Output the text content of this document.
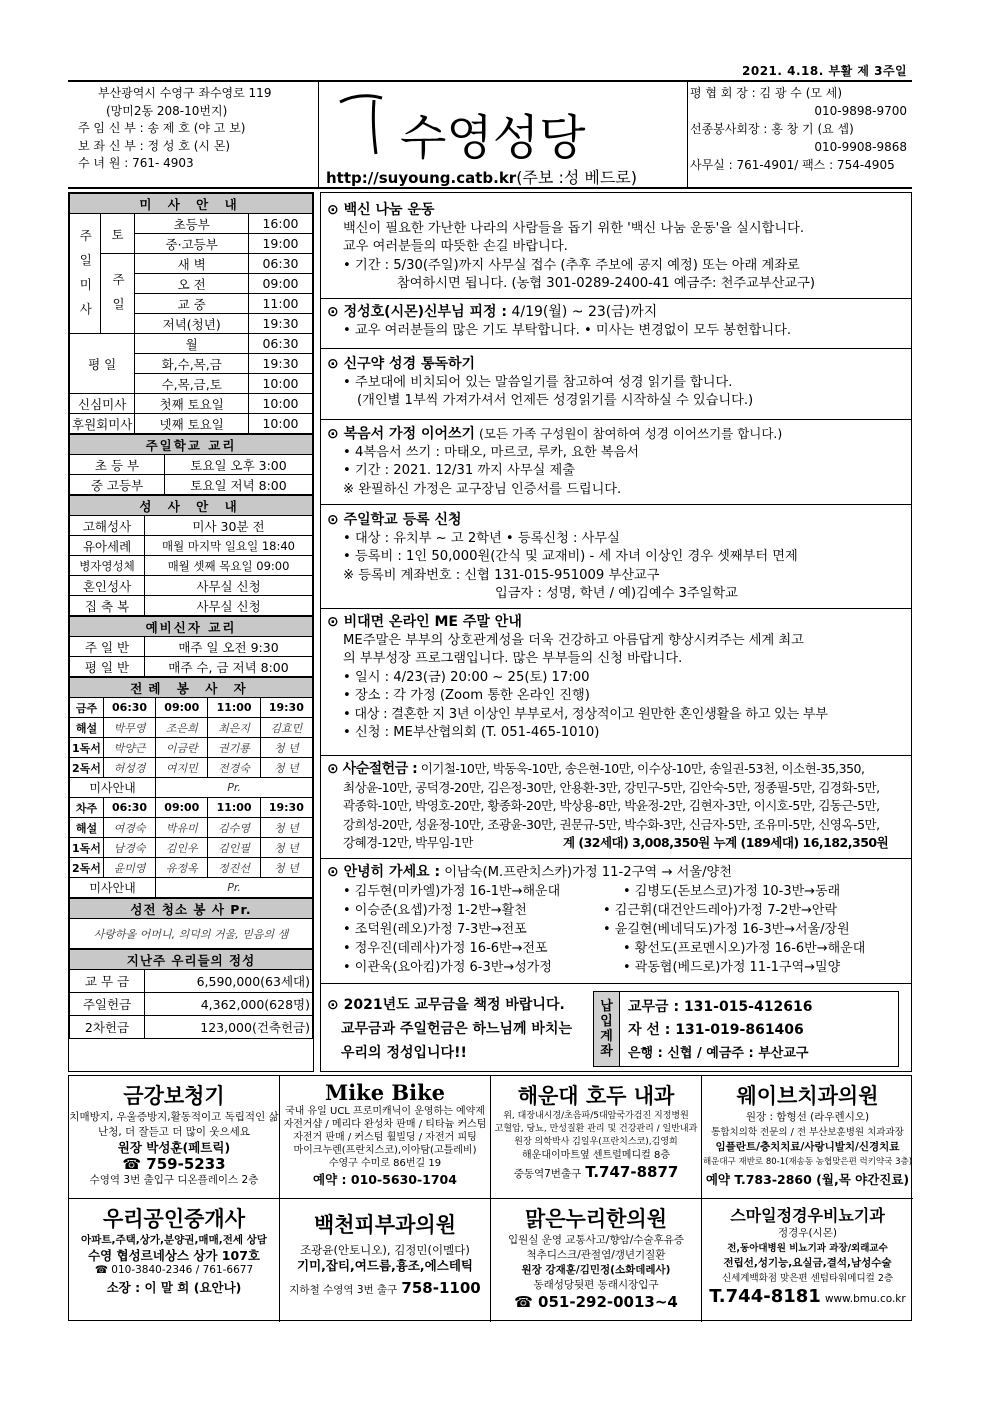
2021. 4.18. 부활 제 3주일
부산광역시 수영구 좌수영로 119
(망미2동 208-10번지)
주 임 신 부 : 송 제 호 (야 고 보)
보 좌 신 부 : 정 성 호 (시 몬)
수 녀 원 : 761- 4903	수영성당
http://suyoung.catb.kr(주보 :성 베드로)
평 협 회 장 : 김 광 수 (모 세)
010-9898-9700
선종봉사회장 : 홍 창 기 (요 셉)
010-9908-9868
사무실 : 761-4901/ 팩스 : 754-4905
미 사 안 내			
주 일 미 사	토	초등부	16:00
		중·고등부	19:00
	주 일	새 벽	06:30
		오 전	09:00
		교 중	11:00
		저녁(청년)	19:30
평 일		월	06:30
		화,수,목,금	19:30
		수,목,금,토	10:00
신심미사		첫째 토요일	10:00
후원회미사		넷째 토요일	10:00
주일학교 교리	
초 등 부	토요일 오후 3:00
중 고등부	토요일 저녁 8:00
성 사 안 내	
고해성사	미사 30분 전
유아세례	매월 마지막 일요일 18:40
병자영성체	매월 셋째 목요일 09:00
혼인성사	사무실 신청
집 축 복	사무실 신청
예비신자 교리	
주 일 반	매주 일 오전 9:30
평 일 반	매주 수, 금 저녁 8:00
전례 봉 사 자				
금주	06:30	09:00	11:00	19:30
해설	박무영	조은희	최은지	김효민
1독서	박양근	이금란	권기룡	청 년
2독서	허성경	여지민	전경숙	청 년
미사안내		Pr.		
차주	06:30	09:00	11:00	19:30
해설	여경숙	박유미	김수영	청 년
1독서	남경숙	김인우	김인필	청 년
2독서	윤미영	유정옥	정진선	청 년
미사안내		Pr.		
성전 청소 봉 사 Pr.
사랑하올 어머니, 의덕의 거울, 믿음의 샘
지난주 우리들의 정성	
교 무 금	6,590,000(63세대)
주일헌금	4,362,000(628명)
2차헌금	123,000(건축헌금)

⊙ 백신 나눔 운동

백신이 필요한 가난한 나라의 사람들을 돕기 위한 '백신 나눔 운동'을 실시합니다.

교우 여러분들의 따뜻한 손길 바랍니다.

• 기간 : 5/30(주일)까지 사무실 접수 (추후 주보에 공지 예정) 또는 아래 계좌로

참여하시면 됩니다. (농협 301-0289-2400-41 예금주: 천주교부산교구)

⊙ 정성호(시몬)신부님 피정 : 4/19(월) ~ 23(금)까지

• 교우 여러분들의 많은 기도 부탁합니다. • 미사는 변경없이 모두 봉헌합니다.

⊙ 신구약 성경 통독하기

• 주보대에 비치되어 있는 말씀일기를 참고하여 성경 읽기를 합니다.

(개인별 1부씩 가져가셔서 언제든 성경읽기를 시작하실 수 있습니다.)

⊙ 복음서 가정 이어쓰기 (모든 가족 구성원이 참여하여 성경 이어쓰기를 합니다.)

• 4복음서 쓰기 : 마태오, 마르코, 루카, 요한 복음서

• 기간 : 2021. 12/31 까지 사무실 제출

※ 완필하신 가정은 교구장님 인증서를 드립니다.

⊙ 주일학교 등록 신청

• 대상 : 유치부 ~ 고 2학년 • 등록신청 : 사무실

• 등록비 : 1인 50,000원(간식 및 교재비) - 세 자녀 이상인 경우 셋째부터 면제

※ 등록비 계좌번호 : 신협 131-015-951009 부산교구

입금자 : 성명, 학년 / 예)김예수 3주일학교

⊙ 비대면 온라인 ME 주말 안내

ME주말은 부부의 상호관계성을 더욱 건강하고 아름답게 향상시켜주는 세계 최고

의 부부성장 프로그램입니다. 많은 부부들의 신청 바랍니다.

• 일시 : 4/23(금) 20:00 ~ 25(토) 17:00

• 장소 : 각 가정 (Zoom 통한 온라인 진행)

• 대상 : 결혼한 지 3년 이상인 부부로서, 정상적이고 원만한 혼인생활을 하고 있는 부부

• 신청 : ME부산협의회 (T. 051-465-1010)

⊙ 사순절헌금 : 이기철-10만, 박동욱-10만, 송은현-10만, 이수상-10만, 송일권-53천, 이소현-35,350,

최상윤-10만, 공덕경-20만, 김은정-30만, 안용환-3만, 강민구-5만, 김안숙-5만, 정종필-5만, 김경화-5만,

곽종학-10만, 박영호-20만, 황종화-20만, 박상용-8만, 박윤정-2만, 김현자-3만, 이시호-5만, 김동근-5만,

강희성-20만, 성윤정-10만, 조광윤-30만, 권문규-5만, 박수화-3만, 신금자-5만, 조유미-5만, 신영옥-5만,

강혜경-12만, 박무임-1만	계 (32세대) 3,008,350원 누계 (189세대) 16,182,350원

⊙ 안녕히 가세요 : 이남숙(M.프란치스카)가정 11-2구역 → 서울/양천

• 김두현(미카엘)가정 16-1반→해운대
• 이승준(요셉)가정 1-2반→활천
• 조덕원(레오)가정 7-3반→전포
• 정우진(데레사)가정 16-6반→전포
• 이관욱(요아킴)가정 6-3반→성가정
• 김병도(돈보스코)가정 10-3반→동래
• 김근휘(대건안드레아)가정 7-2반→안락
• 윤길현(베네딕도)가정 16-3반→서울/장원
• 황선도(프로멘시오)가정 16-6반→해운대
• 곽동협(베드로)가정 11-1구역→밀양

⊙ 2021년도 교무금을 책정 바랍니다.

교무금과 주일헌금은 하느님께 바치는

우리의 정성입니다!!

납입계좌
교무금 : 131-015-412616
자 선 : 131-019-861406
은행 : 신협 / 예금주 : 부산교구
금강보청기
치매방지, 우울증방지,활동적이고 독립적인 삶
난청, 더 잘듣고 더 많이 웃으세요
원장 박성훈(페트릭)
☎ 759-5233
수영역 3번 출입구 디온플레이스 2층
Mike Bike
국내 유일 UCL 프로미캐닉이 운영하는 예약제
자전거샵 / 메리다 완성차 판매 / 티타늄 커스텀
자전거 판매 / 커스텀 휠빌딩 / 자전거 피팅
마이크누렌(프란치스코),이아탐(고틀레비)
수영구 수미로 86번길 19
예약 : 010-5630-1704
해운대 호두 내과
위, 대장내시경/초음파/5대암국가검진 지정병원
고혈압, 당뇨, 만성질환 관리 및 건강관리 / 일반내과
원장 의학박사 김일우(프란치스코),김영희
해운대이마트옆 센트럴메디컬 8층
중동역7번출구 T.747-8877
웨이브치과의원
원장 : 함형선 (라우렌시오)
통합치의학 전문의 / 전 부산보훈병원 치과과장
임플란트/충치치료/사랑니발치/신경치료
해운대구 재반로 80-1(재송동 농협맞은편 럭키약국 3층)
예약 T.783-2860 (월,목 야간진료)
우리공인중개사
아파트,주택,상가,분양권,매매,전세 상담
수영 협성르네상스 상가 107호
☎ 010-3840-2346 / 761-6677
소장 : 이 말 희 (요안나)
백천피부과의원
조광윤(안토니오), 김정민(이멜다)
기미,잡티,여드름,흉조,에스테틱
지하철 수영역 3번 출구 758-1100
맑은누리한의원
입원실 운영 교통사고/향암/수술후유증
척추디스크/관절염/갱년기질환
원장 강재훈/김민정(소화데레사)
동래성당뒷편 동래시장입구
☎ 051-292-0013~4
스마일정경우비뇨기과
정경우(시몬)
전,동아대병원 비뇨기과 과장/외래교수
전립선,성기능,요실금,결석,남성수술
신세계백화점 맞은편 센텀타워메디컬 2층
T.744-8181 www.bmu.co.kr
